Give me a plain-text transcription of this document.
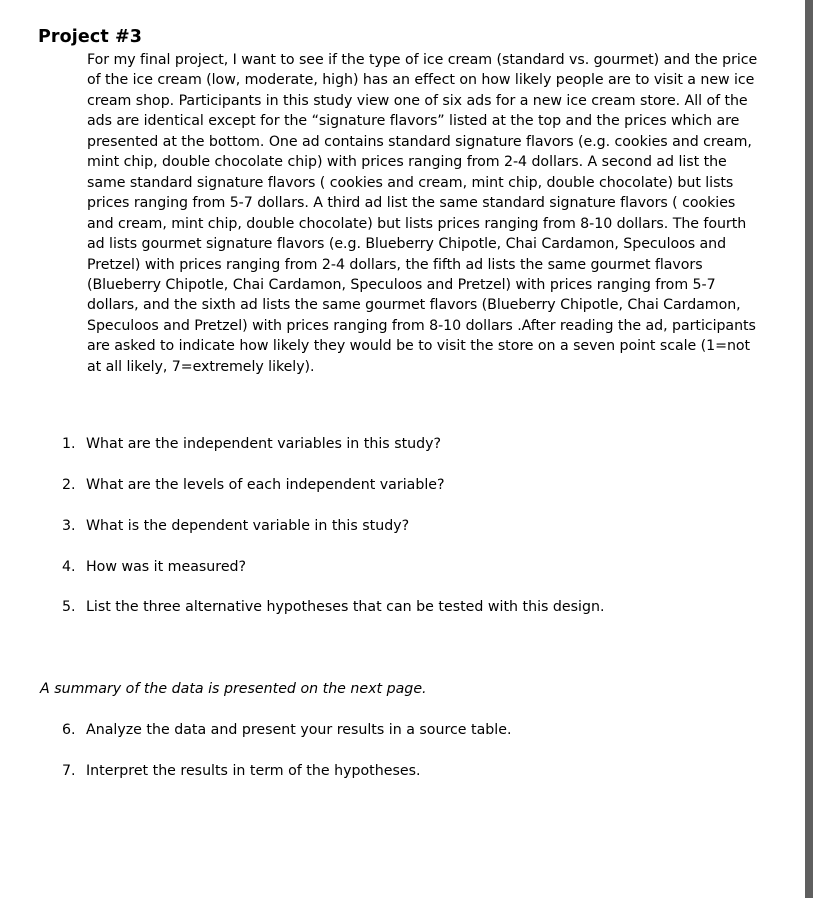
Project #3

For my final project, I want to see if the type of ice cream (standard vs. gourmet) and the price of the ice cream (low, moderate, high) has an effect on how likely people are to visit a new ice cream shop. Participants in this study view one of six ads for a new ice cream store. All of the ads are identical except for the “signature flavors” listed at the top and the prices which are presented at the bottom. One ad contains standard signature flavors (e.g. cookies and cream, mint chip, double chocolate chip) with prices ranging from 2-4 dollars. A second ad list the same standard signature flavors ( cookies and cream, mint chip, double chocolate) but lists prices ranging from 5-7 dollars. A third ad list the same standard signature flavors ( cookies and cream, mint chip, double chocolate) but lists prices ranging from 8-10 dollars. The fourth ad lists gourmet signature flavors (e.g. Blueberry Chipotle, Chai Cardamon, Speculoos and Pretzel) with prices ranging from 2-4 dollars, the fifth ad lists the same gourmet flavors (Blueberry Chipotle, Chai Cardamon, Speculoos and Pretzel) with prices ranging from 5-7 dollars, and the sixth ad lists the same gourmet flavors (Blueberry Chipotle, Chai Cardamon, Speculoos and Pretzel) with prices ranging from 8-10 dollars .After reading the ad, participants are asked to indicate how likely they would be to visit the store on a seven point scale (1=not at all likely, 7=extremely likely).

1. What are the independent variables in this study?
2. What are the levels of each independent variable?
3. What is the dependent variable in this study?
4. How was it measured?
5. List the three alternative hypotheses that can be tested with this design.
A summary of the data is presented on the next page.
6. Analyze the data and present your results in a source table.
7. Interpret the results in term of the hypotheses.
